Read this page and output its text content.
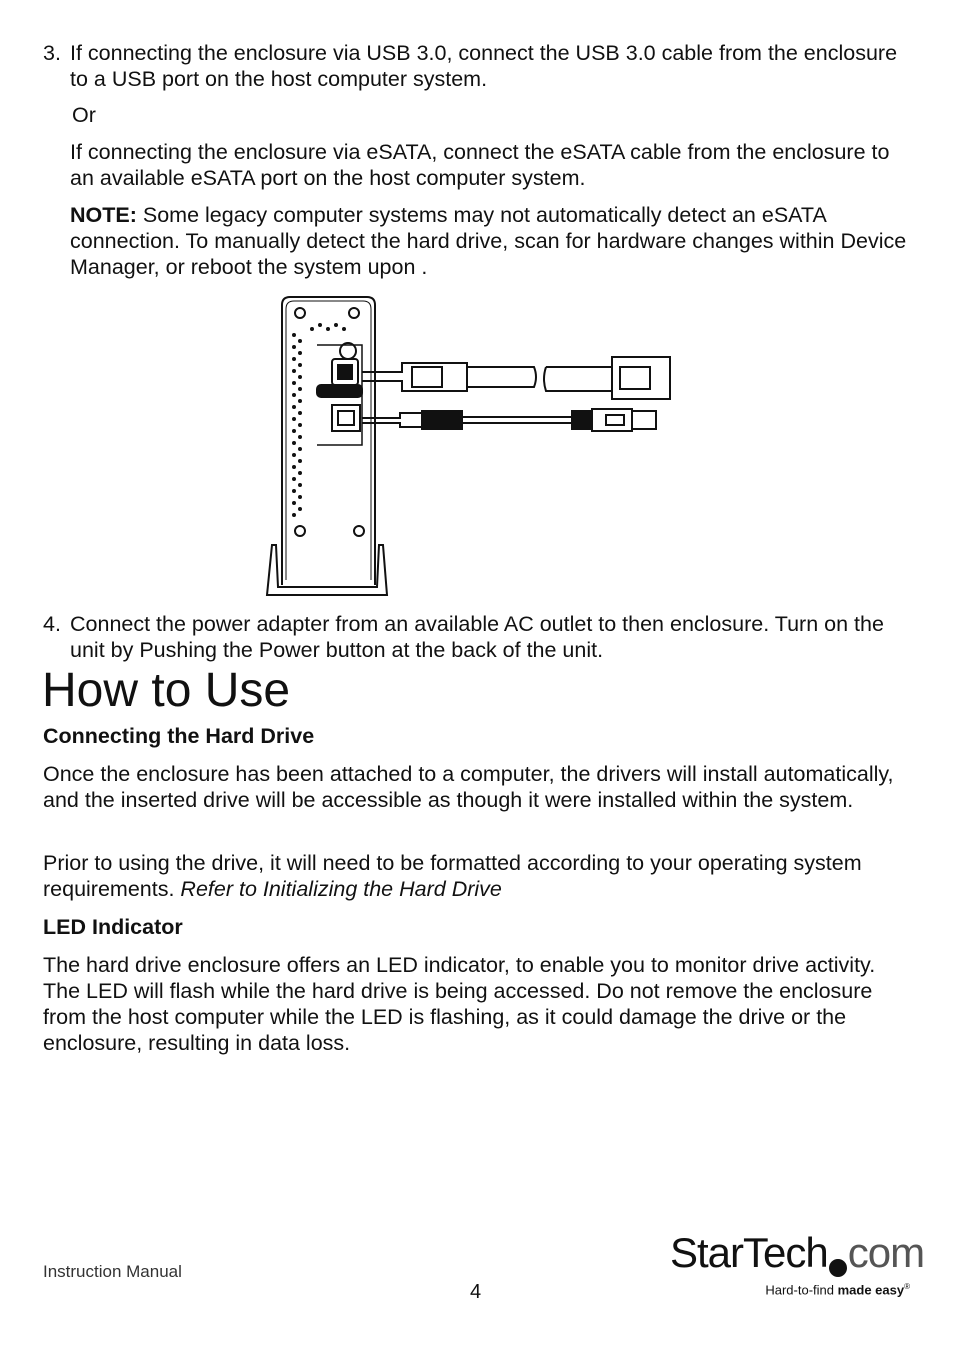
3. If connecting the enclosure via USB 3.0, connect the USB 3.0 cable from the enclosure to a USB port on the host computer system.

Or

If connecting the enclosure via eSATA, connect the eSATA cable from the enclosure to an available eSATA port on the host computer system.

NOTE: Some legacy computer systems may not automatically detect an eSATA connection. To manually detect the hard drive, scan for hardware changes within Device Manager, or reboot the system upon .

4. Connect the power adapter from an available AC outlet to then enclosure. Turn on the unit by Pushing the Power button at the back of the unit.

How to Use
Connecting the Hard Drive

Once the enclosure has been attached to a computer, the drivers will install automatically, and the inserted drive will be accessible as though it were installed within the system.

Prior to using the drive, it will need to be formatted according to your operating system requirements. Refer to Initializing the Hard Drive

LED Indicator

The hard drive enclosure offers an LED indicator, to enable you to monitor drive activity. The LED will flash while the hard drive is being accessed. Do not remove the enclosure from the host computer while the LED is flashing, as it could damage the drive or the enclosure, resulting in data loss.

Instruction Manual
4
StarTech com
Hard-to-find made easy®
